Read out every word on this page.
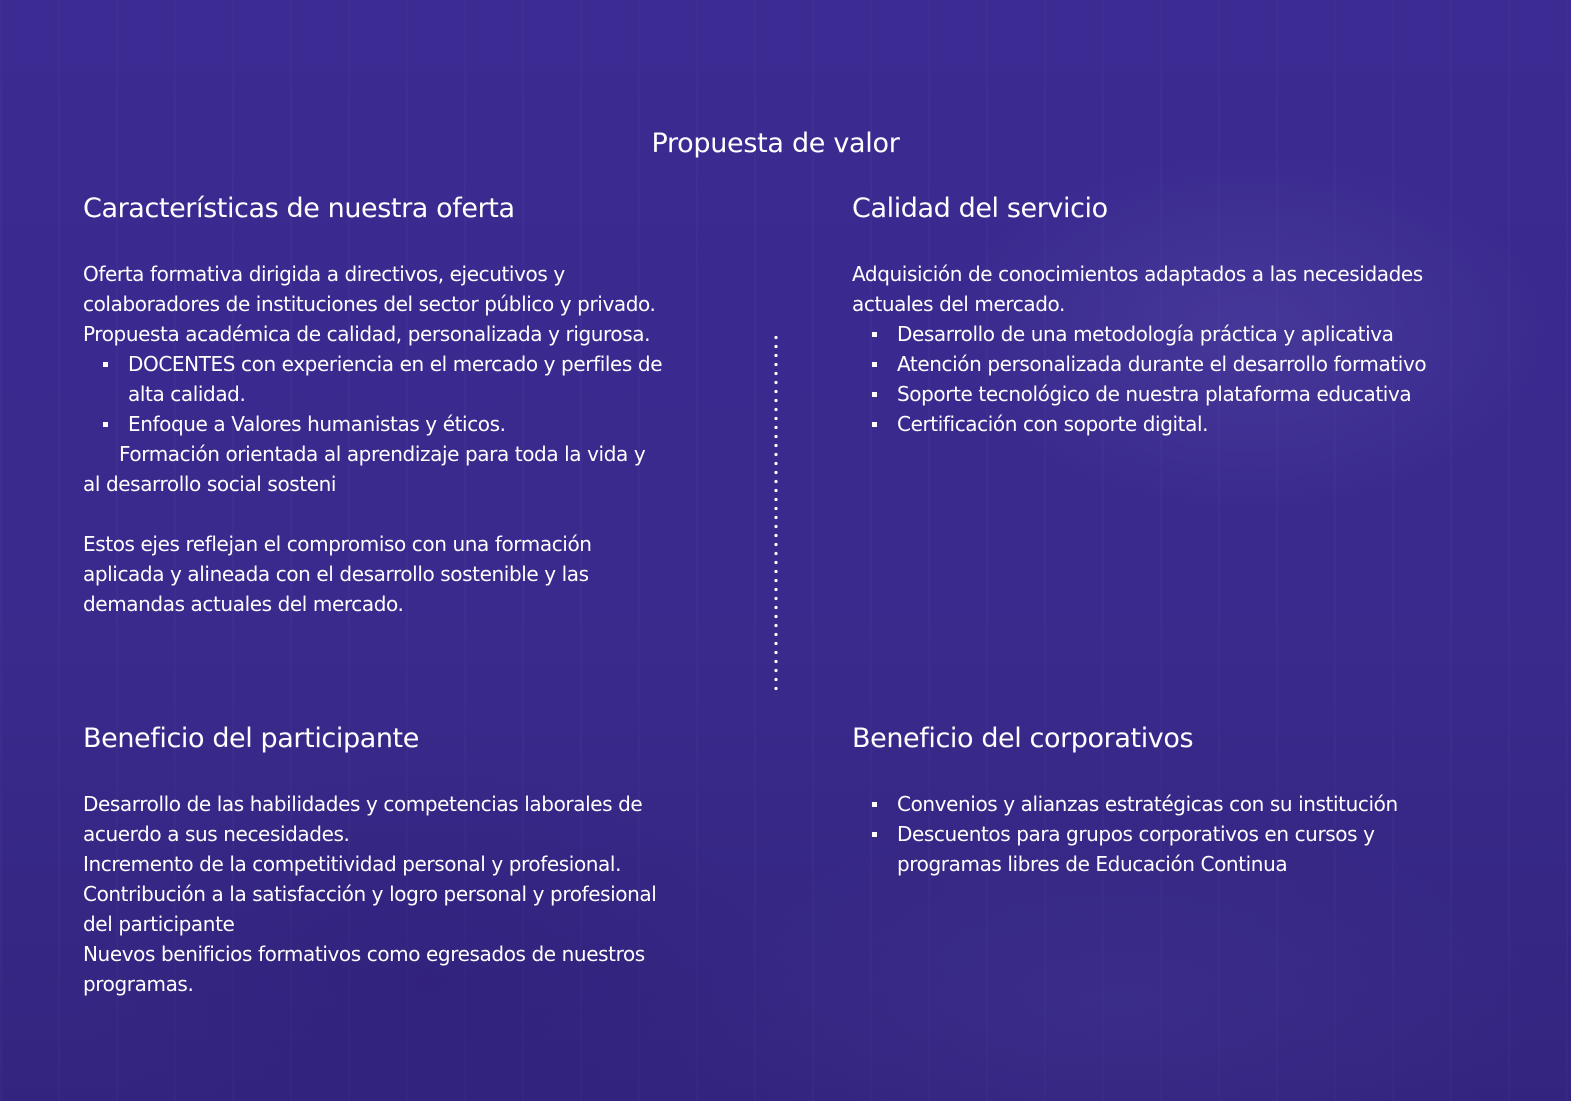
Propuesta de valor
Características de nuestra oferta
Oferta formativa dirigida a directivos, ejecutivos y
colaboradores de instituciones del sector público y privado.
Propuesta académica de calidad, personalizada y rigurosa.
DOCENTES con experiencia en el mercado y perfiles de alta calidad.
Enfoque a Valores humanistas y éticos.
Formación orientada al aprendizaje para toda la vida y
al desarrollo social sosteni
Estos ejes reflejan el compromiso con una formación
aplicada y alineada con el desarrollo sostenible y las
demandas actuales del mercado.
Calidad del servicio
Adquisición de conocimientos adaptados a las necesidades
actuales del mercado.
Desarrollo de una metodología práctica y aplicativa
Atención personalizada durante el desarrollo formativo
Soporte tecnológico de nuestra plataforma educativa
Certificación con soporte digital.
Beneficio del participante
Desarrollo de las habilidades y competencias laborales de
acuerdo a sus necesidades.
Incremento de la competitividad personal y profesional.
Contribución a la satisfacción y logro personal y profesional
del participante
Nuevos benificios formativos como egresados de nuestros
programas.
Beneficio del corporativos
Convenios y alianzas estratégicas con su institución
Descuentos para grupos corporativos en cursos y programas libres de Educación Continua
